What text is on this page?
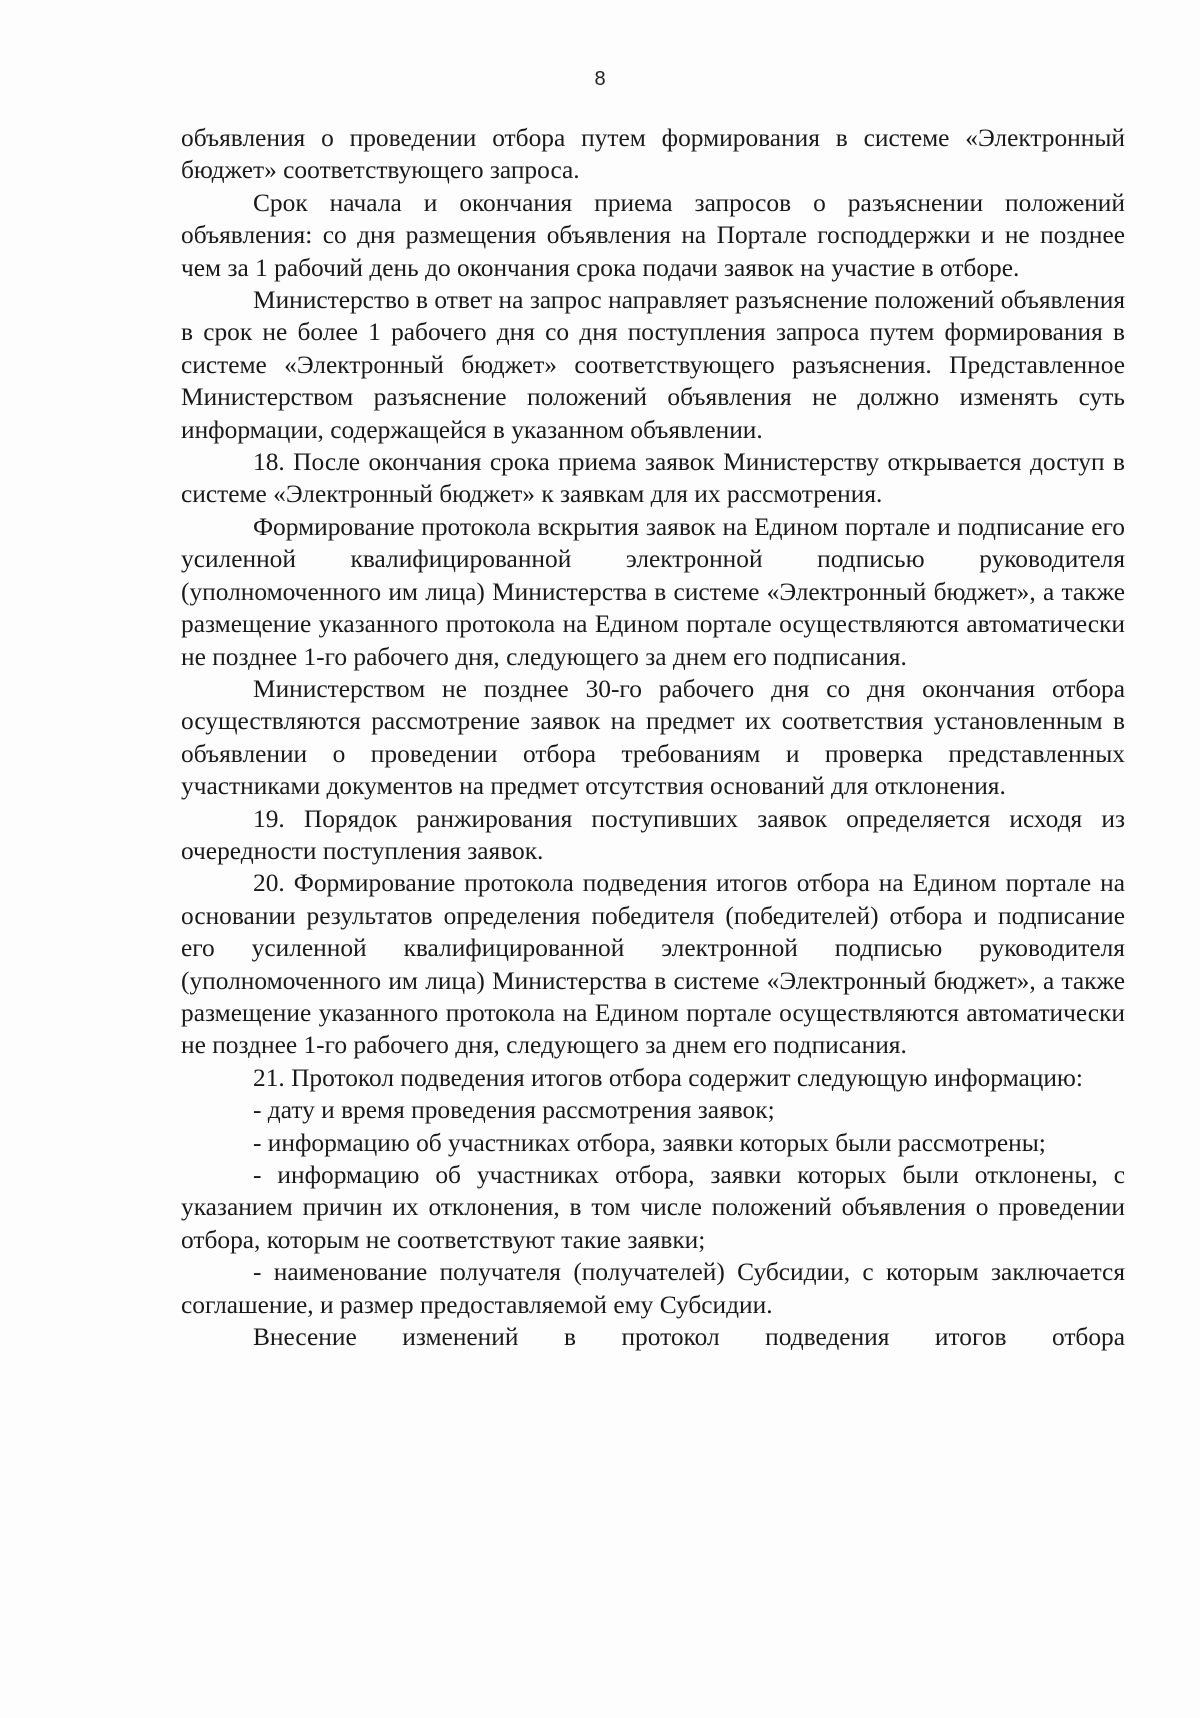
8

объявления о проведении отбора путем формирования в системе «Электронный бюджет» соответствующего запроса.

Срок начала и окончания приема запросов о разъяснении положений объявления: со дня размещения объявления на Портале господдержки и не позднее чем за 1 рабочий день до окончания срока подачи заявок на участие в отборе.

Министерство в ответ на запрос направляет разъяснение положений объявления в срок не более 1 рабочего дня со дня поступления запроса путем формирования в системе «Электронный бюджет» соответствующего разъяснения. Представленное Министерством разъяснение положений объявления не должно изменять суть информации, содержащейся в указанном объявлении.

18. После окончания срока приема заявок Министерству открывается доступ в системе «Электронный бюджет» к заявкам для их рассмотрения.

Формирование протокола вскрытия заявок на Едином портале и подписание его усиленной квалифицированной электронной подписью руководителя (уполномоченного им лица) Министерства в системе «Электронный бюджет», а также размещение указанного протокола на Едином портале осуществляются автоматически не позднее 1-го рабочего дня, следующего за днем его подписания.

Министерством не позднее 30-го рабочего дня со дня окончания отбора осуществляются рассмотрение заявок на предмет их соответствия установленным в объявлении о проведении отбора требованиям и проверка представленных участниками документов на предмет отсутствия оснований для отклонения.

19. Порядок ранжирования поступивших заявок определяется исходя из очередности поступления заявок.

20. Формирование протокола подведения итогов отбора на Едином портале на основании результатов определения победителя (победителей) отбора и подписание его усиленной квалифицированной электронной подписью руководителя (уполномоченного им лица) Министерства в системе «Электронный бюджет», а также размещение указанного протокола на Едином портале осуществляются автоматически не позднее 1-го рабочего дня, следующего за днем его подписания.

21. Протокол подведения итогов отбора содержит следующую информацию:

- дату и время проведения рассмотрения заявок;

- информацию об участниках отбора, заявки которых были рассмотрены;

- информацию об участниках отбора, заявки которых были отклонены, с указанием причин их отклонения, в том числе положений объявления о проведении отбора, которым не соответствуют такие заявки;

- наименование получателя (получателей) Субсидии, с которым заключается соглашение, и размер предоставляемой ему Субсидии.

Внесение изменений в протокол подведения итогов отбора
